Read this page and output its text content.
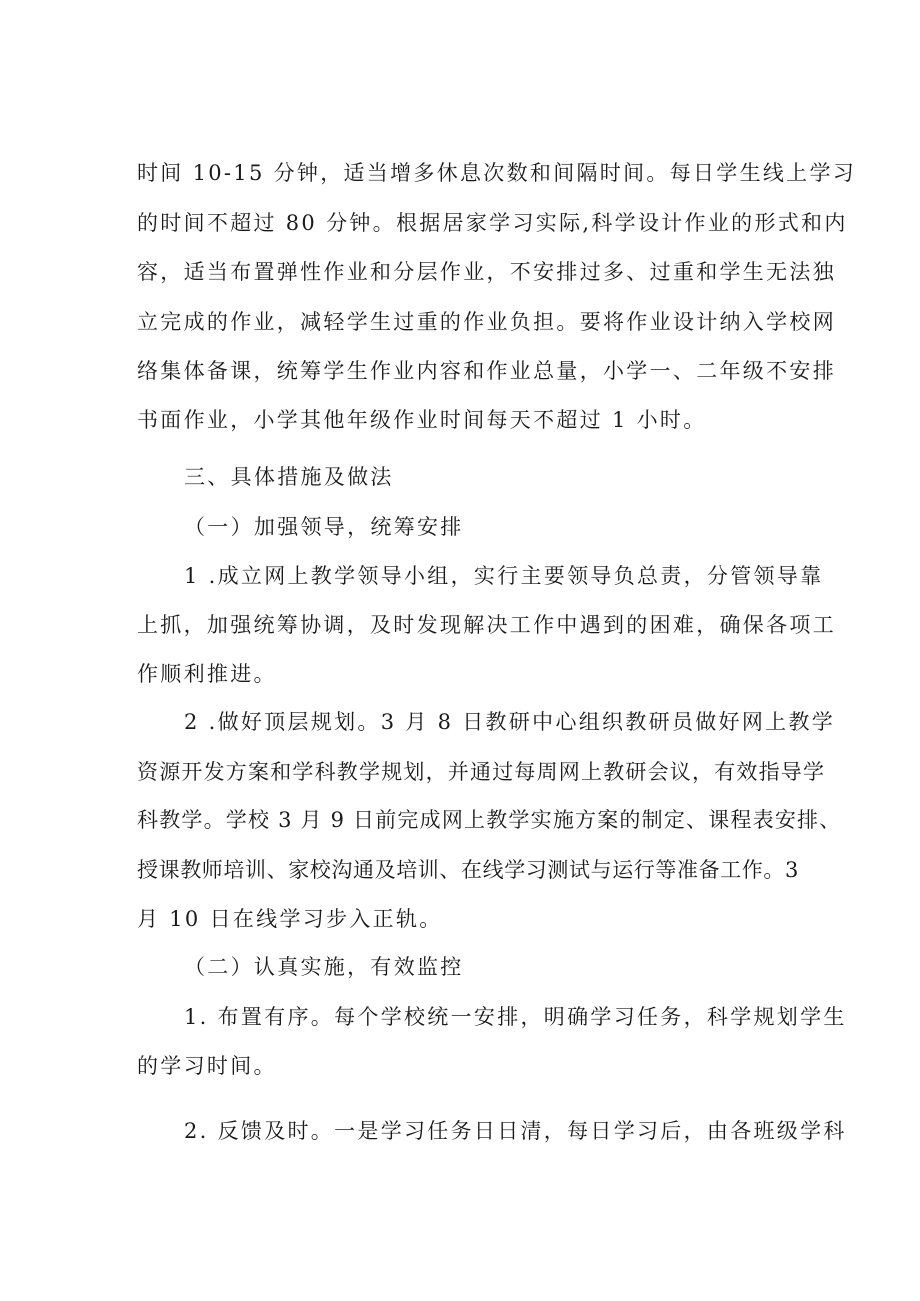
时间 10-15 分钟，适当增多休息次数和间隔时间。每日学生线上学习
的时间不超过 80 分钟。根据居家学习实际,科学设计作业的形式和内
容，适当布置弹性作业和分层作业，不安排过多、过重和学生无法独
立完成的作业，减轻学生过重的作业负担。要将作业设计纳入学校网
络集体备课，统筹学生作业内容和作业总量，小学一、二年级不安排
书面作业，小学其他年级作业时间每天不超过 1 小时。
三、具体措施及做法
（一）加强领导，统筹安排
1 .成立网上教学领导小组，实行主要领导负总责，分管领导靠
上抓，加强统筹协调，及时发现解决工作中遇到的困难，确保各项工
作顺利推进。
2 .做好顶层规划。3 月 8 日教研中心组织教研员做好网上教学
资源开发方案和学科教学规划，并通过每周网上教研会议，有效指导学
科教学。学校 3 月 9 日前完成网上教学实施方案的制定、课程表安排、
授课教师培训、家校沟通及培训、在线学习测试与运行等准备工作。3
月 10 日在线学习步入正轨。
（二）认真实施，有效监控
1. 布置有序。每个学校统一安排，明确学习任务，科学规划学生
的学习时间。
2. 反馈及时。一是学习任务日日清，每日学习后，由各班级学科
